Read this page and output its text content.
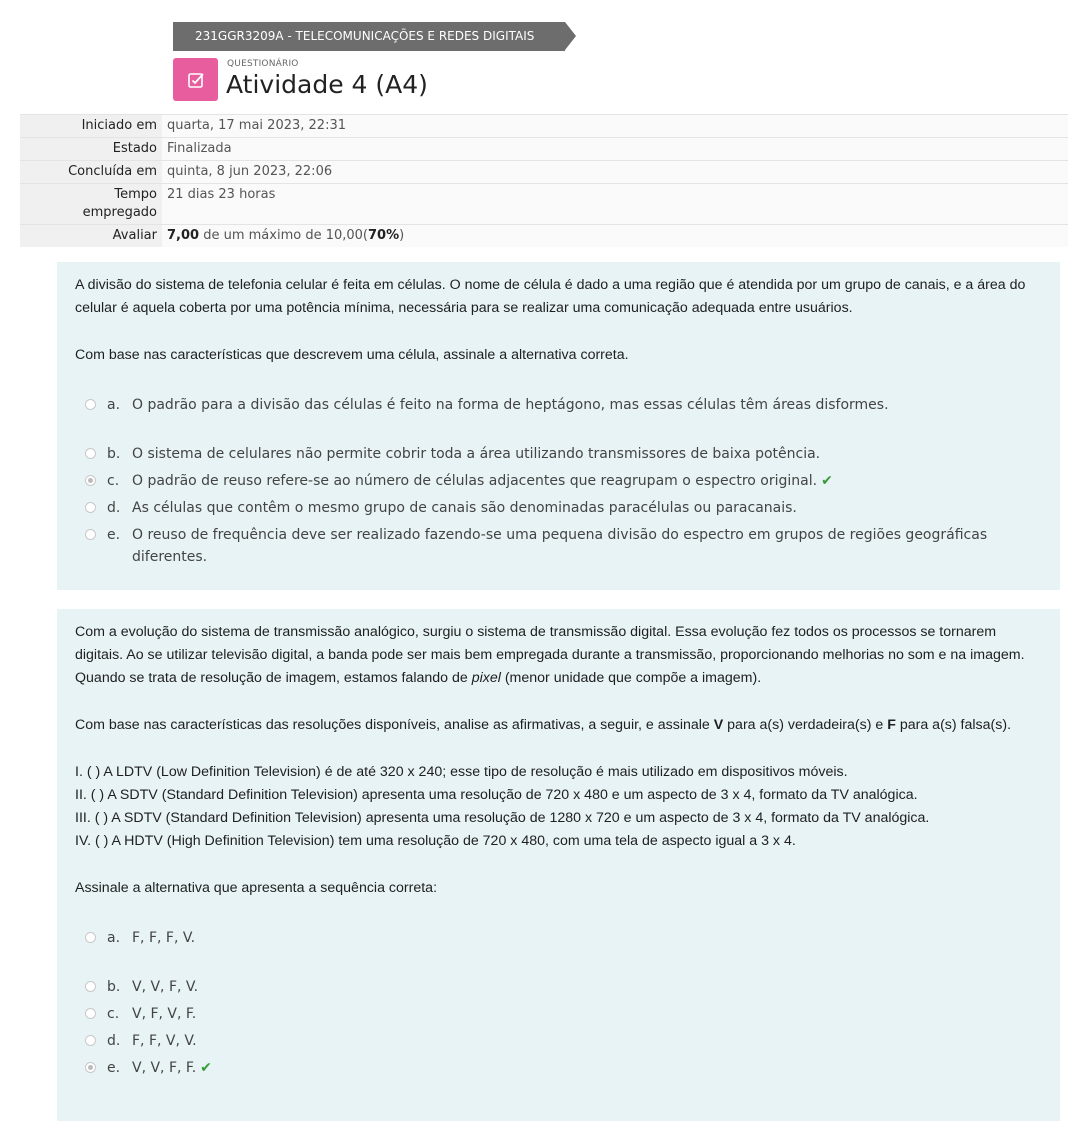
231GGR3209A - TELECOMUNICAÇÕES E REDES DIGITAIS
QUESTIONÁRIO
Atividade 4 (A4)
Iniciado em	quarta, 17 mai 2023, 22:31
Estado	Finalizada
Concluída em	quinta, 8 jun 2023, 22:06
Tempo
empregado	21 dias 23 horas
Avaliar	7,00 de um máximo de 10,00(70%)

A divisão do sistema de telefonia celular é feita em células. O nome de célula é dado a uma região que é atendida por um grupo de canais, e a área do celular é aquela coberta por uma potência mínima, necessária para se realizar uma comunicação adequada entre usuários.

Com base nas características que descrevem uma célula, assinale a alternativa correta.

a. O padrão para a divisão das células é feito na forma de heptágono, mas essas células têm áreas disformes.
b. O sistema de celulares não permite cobrir toda a área utilizando transmissores de baixa potência.
c. O padrão de reuso refere-se ao número de células adjacentes que reagrupam o espectro original. ✔
d. As células que contêm o mesmo grupo de canais são denominadas paracélulas ou paracanais.
e. O reuso de frequência deve ser realizado fazendo-se uma pequena divisão do espectro em grupos de regiões geográficas diferentes.

Com a evolução do sistema de transmissão analógico, surgiu o sistema de transmissão digital. Essa evolução fez todos os processos se tornarem digitais. Ao se utilizar televisão digital, a banda pode ser mais bem empregada durante a transmissão, proporcionando melhorias no som e na imagem. Quando se trata de resolução de imagem, estamos falando de pixel (menor unidade que compõe a imagem).

Com base nas características das resoluções disponíveis, analise as afirmativas, a seguir, e assinale V para a(s) verdadeira(s) e F para a(s) falsa(s).

I. ( ) A LDTV (Low Definition Television) é de até 320 x 240; esse tipo de resolução é mais utilizado em dispositivos móveis.

II. ( ) A SDTV (Standard Definition Television) apresenta uma resolução de 720 x 480 e um aspecto de 3 x 4, formato da TV analógica.

III. ( ) A SDTV (Standard Definition Television) apresenta uma resolução de 1280 x 720 e um aspecto de 3 x 4, formato da TV analógica.

IV. ( ) A HDTV (High Definition Television) tem uma resolução de 720 x 480, com uma tela de aspecto igual a 3 x 4.

Assinale a alternativa que apresenta a sequência correta:

a. F, F, F, V.
b. V, V, F, V.
c. V, F, V, F.
d. F, F, V, V.
e. V, V, F, F. ✔
